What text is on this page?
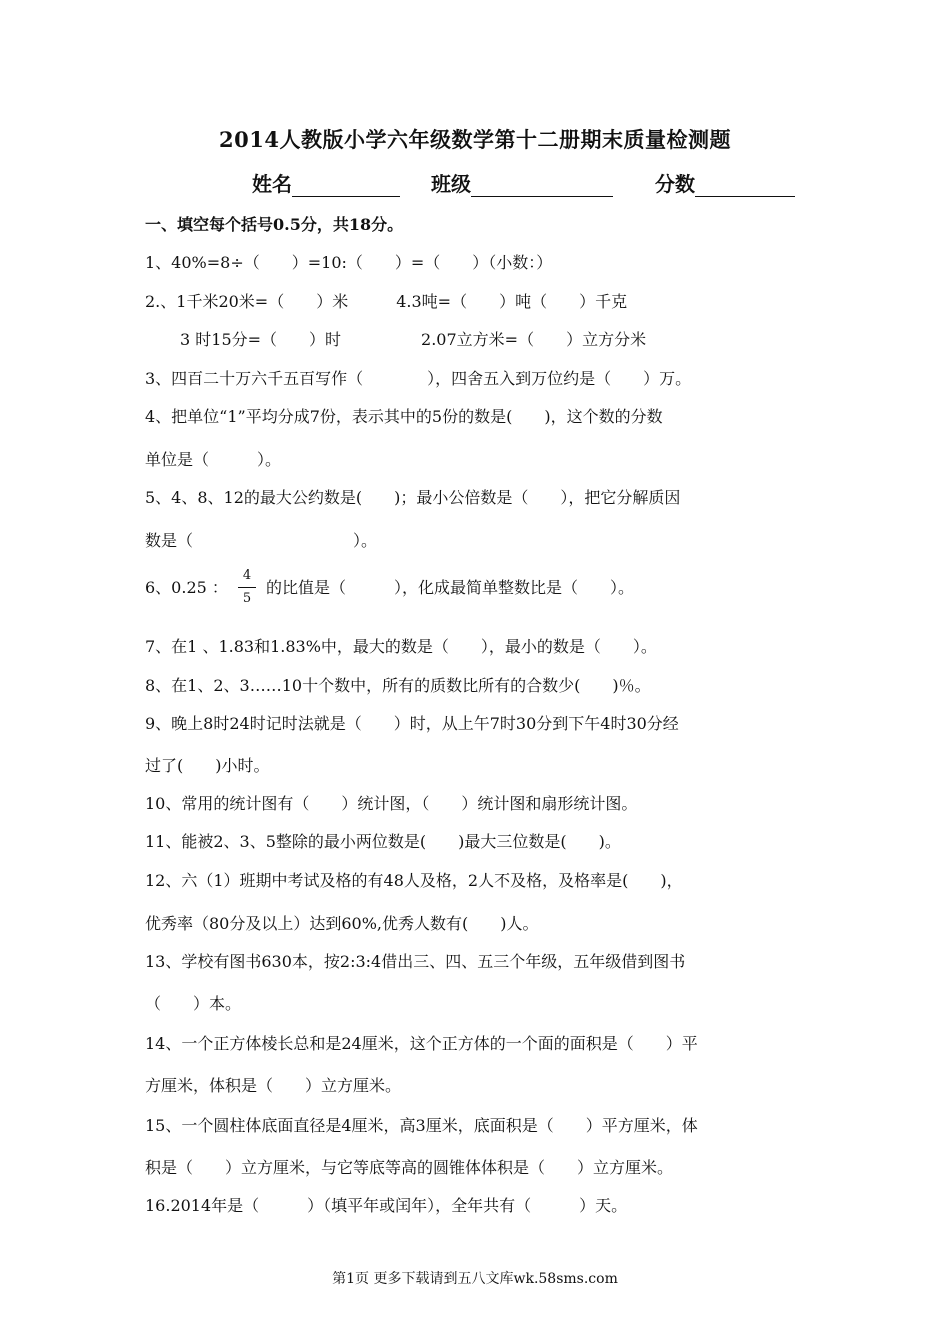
2014人教版小学六年级数学第十二册期末质量检测题
姓名	班级	分数
一、填空每个括号0.5分，共18分。
1、40%=8÷（　　）=10:（　　）=（　　）（小数：）
2.、1千米20米=（　　）米　　　4.3吨=（　　）吨（　　）千克
3 时15分=（　　）时　　　　　2.07立方米=（　　）立方分米
3、四百二十万六千五百写作（　　　　），四舍五入到万位约是（　　）万。
4、把单位“1”平均分成7份，表示其中的5份的数是(　　)，这个数的分数
单位是（　　　）。
5、4、8、12的最大公约数是(　　)；最小公倍数是（　　），把它分解质因
数是（　　　　　　　　　　）。
6、0.25 ：
4
5
的比值是（　　　），化成最简单整数比是（　　）。
7、在1 、1.83和1.83%中，最大的数是（　　），最小的数是（　　）。
8、在1、2、3……10十个数中，所有的质数比所有的合数少(　　)％。
9、晚上8时24时记时法就是（　　）时，从上午7时30分到下午4时30分经
过了(　　)小时。
10、常用的统计图有（　　）统计图，（　　）统计图和扇形统计图。
11、能被2、3、5整除的最小两位数是(　　)最大三位数是(　　)。
12、六（1）班期中考试及格的有48人及格，2人不及格，及格率是(　　)，
优秀率（80分及以上）达到60%,优秀人数有(　　)人。
13、学校有图书630本，按2:3:4借出三、四、五三个年级，五年级借到图书
（　　）本。
14、一个正方体棱长总和是24厘米，这个正方体的一个面的面积是（　　）平
方厘米，体积是（　　）立方厘米。
15、一个圆柱体底面直径是4厘米，高3厘米，底面积是（　　）平方厘米，体
积是（　　）立方厘米，与它等底等高的圆锥体体积是（　　）立方厘米。
16.2014年是（　　　）（填平年或闰年），全年共有（　　　）天。
第1页 更多下载请到五八文库wk.58sms.com
